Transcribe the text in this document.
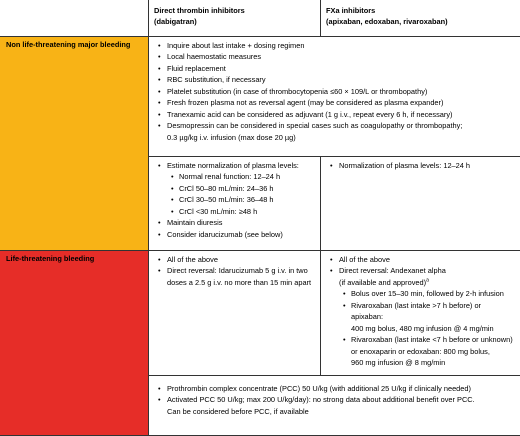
Direct thrombin inhibitors
(dabigatran)
FXa inhibitors
(apixaban, edoxaban, rivaroxaban)
Non life-threatening major bleeding	• Inquire about last intake + dosing regimen
• Local haemostatic measures
• Fluid replacement
• RBC substitution, if necessary
• Platelet substitution (in case of thrombocytopenia ≤60 × 109/L or thrombopathy)
• Fresh frozen plasma not as reversal agent (may be considered as plasma expander)
• Tranexamic acid can be considered as adjuvant (1 g i.v., repeat every 6 h, if necessary)
• Desmopressin can be considered in special cases such as coagulopathy or thrombopathy;
0.3 µg/kg i.v. infusion (max dose 20 µg)
• Estimate normalization of plasma levels:
• Normal renal function: 12–24 h
• CrCl 50–80 mL/min: 24–36 h
• CrCl 30–50 mL/min: 36–48 h
• CrCl <30 mL/min: ≥48 h
• Maintain diuresis
• Consider idarucizumab (see below)
• Normalization of plasma levels: 12–24 h
Life-threatening bleeding	• All of the above
• Direct reversal: Idarucizumab 5 g i.v. in two
doses a 2.5 g i.v. no more than 15 min apart
• All of the above
• Direct reversal: Andexanet alpha
(if available and approved)$^a$
• Bolus over 15–30 min, followed by 2-h infusion
• Rivaroxaban (last intake >7 h before) or apixaban:
400 mg bolus, 480 mg infusion @ 4 mg/min
• Rivaroxaban (last intake <7 h before or unknown)
or enoxaparin or edoxaban: 800 mg bolus,
960 mg infusion @ 8 mg/min
• Prothrombin complex concentrate (PCC) 50 U/kg (with additional 25 U/kg if clinically needed)
• Activated PCC 50 U/kg; max 200 U/kg/day): no strong data about additional benefit over PCC.
Can be considered before PCC, if available
